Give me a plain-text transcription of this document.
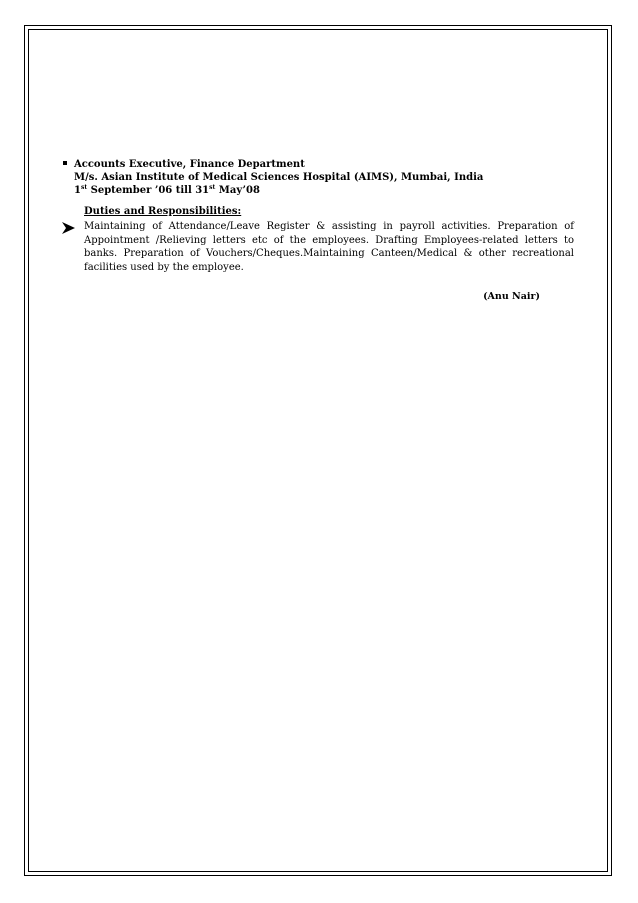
Accounts Executive, Finance Department
M/s. Asian Institute of Medical Sciences Hospital (AIMS), Mumbai, India
1st September ’06 till 31st May’08
Duties and Responsibilities:
Maintaining of Attendance/Leave Register & assisting in payroll activities. Preparation of Appointment /Relieving letters etc of the employees. Drafting Employees-related letters to banks. Preparation of Vouchers/Cheques.Maintaining Canteen/Medical & other recreational facilities used by the employee.
(Anu Nair)
